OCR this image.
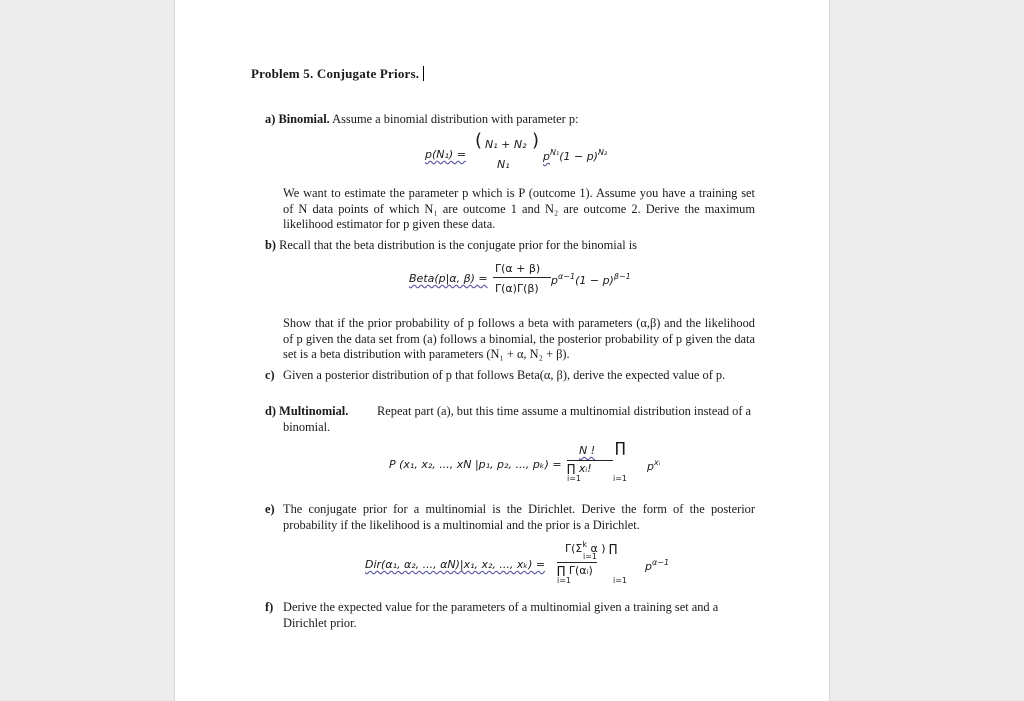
Problem 5. Conjugate Priors.
a) Binomial. Assume a binomial distribution with parameter p:
p(N₁) =
( N₁ + N₂ )
N₁
$p^{N_1}(1 - p)^{N_2}$
We want to estimate the parameter p which is P (outcome 1). Assume you have a training set of N data points of which N₁ are outcome 1 and N₂ are outcome 2. Derive the maximum likelihood estimator for p given these data.
b) Recall that the beta distribution is the conjugate prior for the binomial is
Beta(p|α, β) =
Γ(α + β)
Γ(α)Γ(β)
$p^{\alpha-1}(1 - p)^{\beta-1}$
Show that if the prior probability of p follows a beta with parameters (α,β) and the likelihood of p given the data set from (a) follows a binomial, the posterior probability of p given the data set is a beta distribution with parameters (N₁ + α, N₂ + β).
c) Given a posterior distribution of p that follows Beta(α, β), derive the expected value of p.
d) Multinomial.	Repeat part (a), but this time assume a multinomial distribution instead of a binomial.
P (x₁, x₂, ..., xN |p₁, p₂, ..., pₖ) =
N ! ∏
∏ xᵢ!
i=1	i=1
$p^{xᵢ}$
e) The conjugate prior for a multinomial is the Dirichlet. Derive the form of the posterior probability if the likelihood is a multinomial and the prior is a Dirichlet.
Dir(α₁, α₂, ..., αN)|x₁, x₂, ..., xₖ) =
$\Gamma(\Sigma^k$ α ) ∏
i=1
∏ Γ(αᵢ)
i=1	i=1
$p^{\alpha-1}$
f) Derive the expected value for the parameters of a multinomial given a training set and a Dirichlet prior.
